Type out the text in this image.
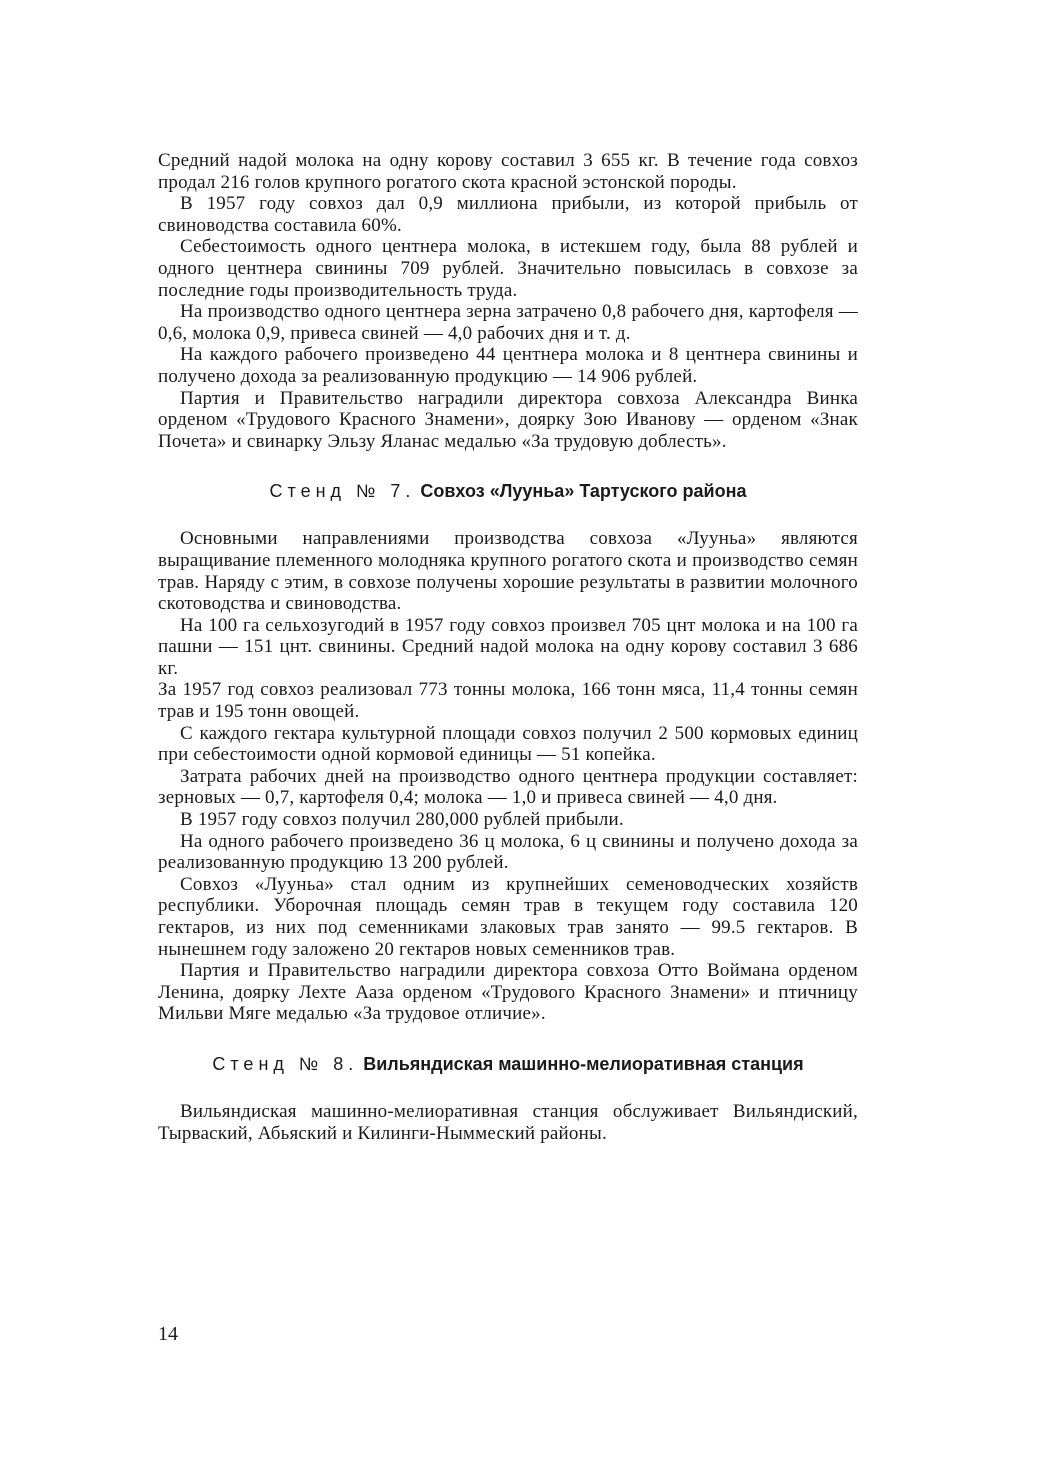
Средний надой молока на одну корову составил 3 655 кг. В течение года совхоз продал 216 голов крупного рогатого скота красной эстонской породы.

В 1957 году совхоз дал 0,9 миллиона прибыли, из которой прибыль от свиноводства составила 60%.

Себестоимость одного центнера молока, в истекшем году, была 88 рублей и одного центнера свинины 709 рублей. Значительно повысилась в совхозе за последние годы производительность труда.

На производство одного центнера зерна затрачено 0,8 рабочего дня, картофеля — 0,6, молока 0,9, привеса свиней — 4,0 рабочих дня и т. д.

На каждого рабочего произведено 44 центнера молока и 8 центнера свинины и получено дохода за реализованную продукцию — 14 906 рублей.

Партия и Правительство наградили директора совхоза Александра Винка орденом «Трудового Красного Знамени», доярку Зою Иванову — орденом «Знак Почета» и свинарку Эльзу Яланас медалью «За трудовую доблесть».

Стенд № 7. Совхоз «Лууньа» Тартуского района

Основными направлениями производства совхоза «Лууньа» являются выращивание племенного молодняка крупного рогатого скота и производство семян трав. Наряду с этим, в совхозе получены хорошие результаты в развитии молочного скотоводства и свиноводства.

На 100 га сельхозугодий в 1957 году совхоз произвел 705 цнт молока и на 100 га пашни — 151 цнт. свинины. Средний надой молока на одну корову составил 3 686 кг.

За 1957 год совхоз реализовал 773 тонны молока, 166 тонн мяса, 11,4 тонны семян трав и 195 тонн овощей.

С каждого гектара культурной площади совхоз получил 2 500 кормовых единиц при себестоимости одной кормовой единицы — 51 копейка.

Затрата рабочих дней на производство одного центнера продукции составляет: зерновых — 0,7, картофеля 0,4; молока — 1,0 и привеса свиней — 4,0 дня.

В 1957 году совхоз получил 280,000 рублей прибыли.

На одного рабочего произведено 36 ц молока, 6 ц свинины и получено дохода за реализованную продукцию 13 200 рублей.

Совхоз «Лууньа» стал одним из крупнейших семеноводческих хозяйств республики. Уборочная площадь семян трав в текущем году составила 120 гектаров, из них под семенниками злаковых трав занято — 99.5 гектаров. В нынешнем году заложено 20 гектаров новых семенников трав.

Партия и Правительство наградили директора совхоза Отто Воймана орденом Ленина, доярку Лехте Ааза орденом «Трудового Красного Знамени» и птичницу Мильви Мяге медалью «За трудовое отличие».

Стенд № 8. Вильяндиская машинно-мелиоративная станция

Вильяндиская машинно-мелиоративная станция обслуживает Вильяндиский, Тырваский, Абьяский и Килинги-Ныммеский районы.

14
